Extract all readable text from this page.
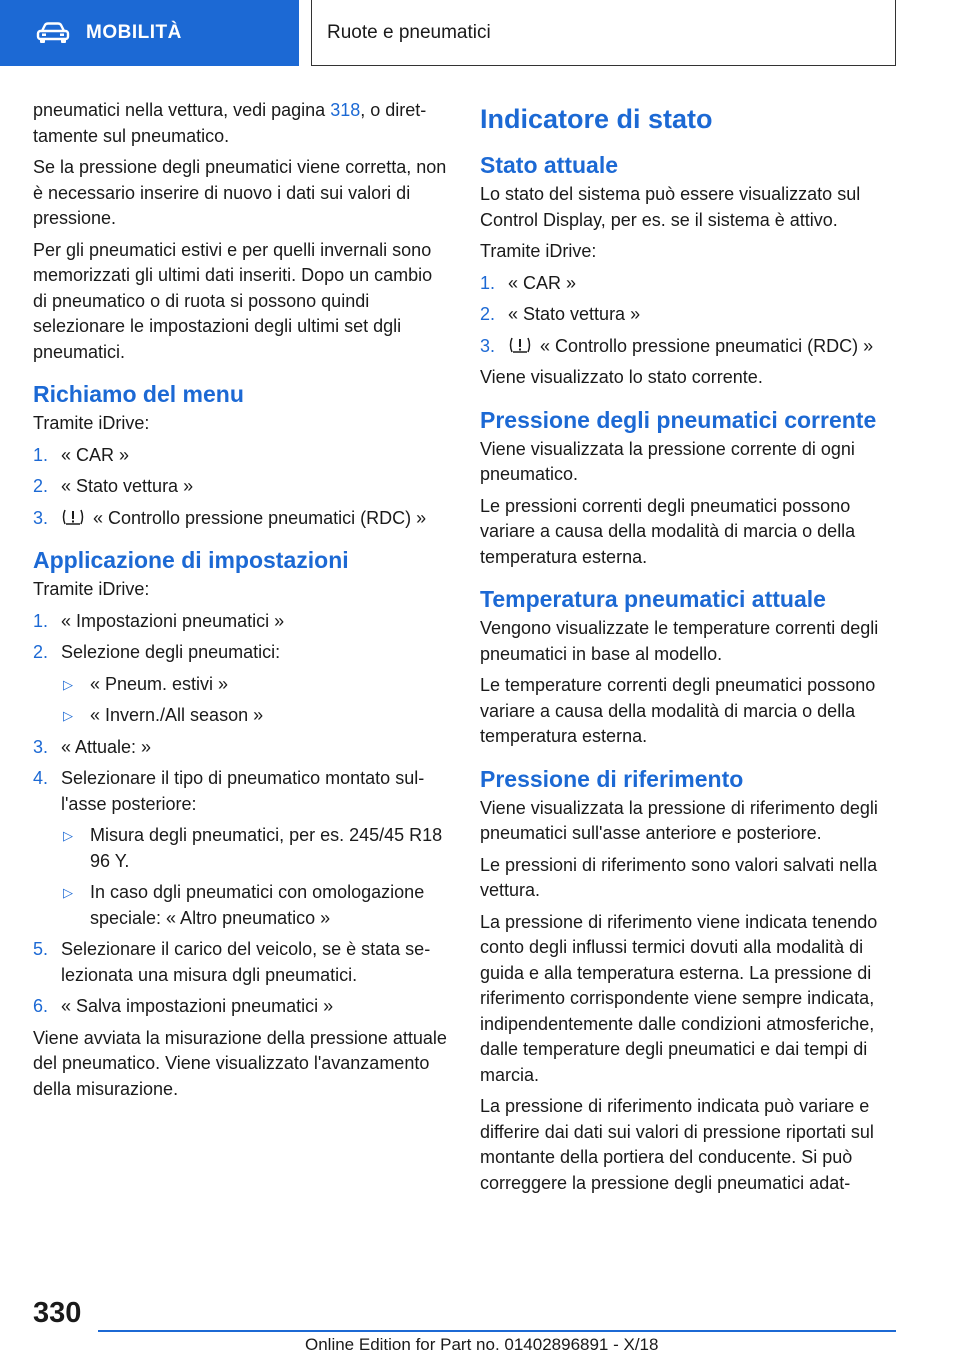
MOBILITÀ	Ruote e pneumatici

pneumatici nella vettura, vedi pagina 318, o direttamente sul pneumatico.

Se la pressione degli pneumatici viene corretta, non è necessario inserire di nuovo i dati sui valori di pressione.

Per gli pneumatici estivi e per quelli invernali sono memorizzati gli ultimi dati inseriti. Dopo un cambio di pneumatico o di ruota si possono quindi selezionare le impostazioni degli ultimi set dgli pneumatici.

Richiamo del menu

Tramite iDrive:

1. « CAR »
2. « Stato vettura »
3. « Controllo pressione pneumatici (RDC) »
Applicazione di impostazioni

Tramite iDrive:

1. « Impostazioni pneumatici »
2. Selezione degli pneumatici:
▷ « Pneum. estivi »
▷ « Invern./All season »
3. « Attuale: »
4. Selezionare il tipo di pneumatico montato sull'asse posteriore:
▷ Misura degli pneumatici, per es. 245/45 R18 96 Y.
▷ In caso dgli pneumatici con omologazione speciale: « Altro pneumatico »
5. Selezionare il carico del veicolo, se è stata selezionata una misura dgli pneumatici.
6. « Salva impostazioni pneumatici »

Viene avviata la misurazione della pressione attuale del pneumatico. Viene visualizzato l'avanzamento della misurazione.

Indicatore di stato
Stato attuale

Lo stato del sistema può essere visualizzato sul Control Display, per es. se il sistema è attivo.

Tramite iDrive:

1. « CAR »
2. « Stato vettura »
3. « Controllo pressione pneumatici (RDC) »

Viene visualizzato lo stato corrente.

Pressione degli pneumatici corrente

Viene visualizzata la pressione corrente di ogni pneumatico.

Le pressioni correnti degli pneumatici possono variare a causa della modalità di marcia o della temperatura esterna.

Temperatura pneumatici attuale

Vengono visualizzate le temperature correnti degli pneumatici in base al modello.

Le temperature correnti degli pneumatici possono variare a causa della modalità di marcia o della temperatura esterna.

Pressione di riferimento

Viene visualizzata la pressione di riferimento degli pneumatici sull'asse anteriore e posteriore.

Le pressioni di riferimento sono valori salvati nella vettura.

La pressione di riferimento viene indicata tenendo conto degli influssi termici dovuti alla modalità di guida e alla temperatura esterna. La pressione di riferimento corrispondente viene sempre indicata, indipendentemente dalle condizioni atmosferiche, dalle temperature degli pneumatici e dai tempi di marcia.

La pressione di riferimento indicata può variare e differire dai dati sui valori di pressione riportati sul montante della portiera del conducente. Si può correggere la pressione degli pneumatici adat-

330
Online Edition for Part no. 01402896891 - X/18
